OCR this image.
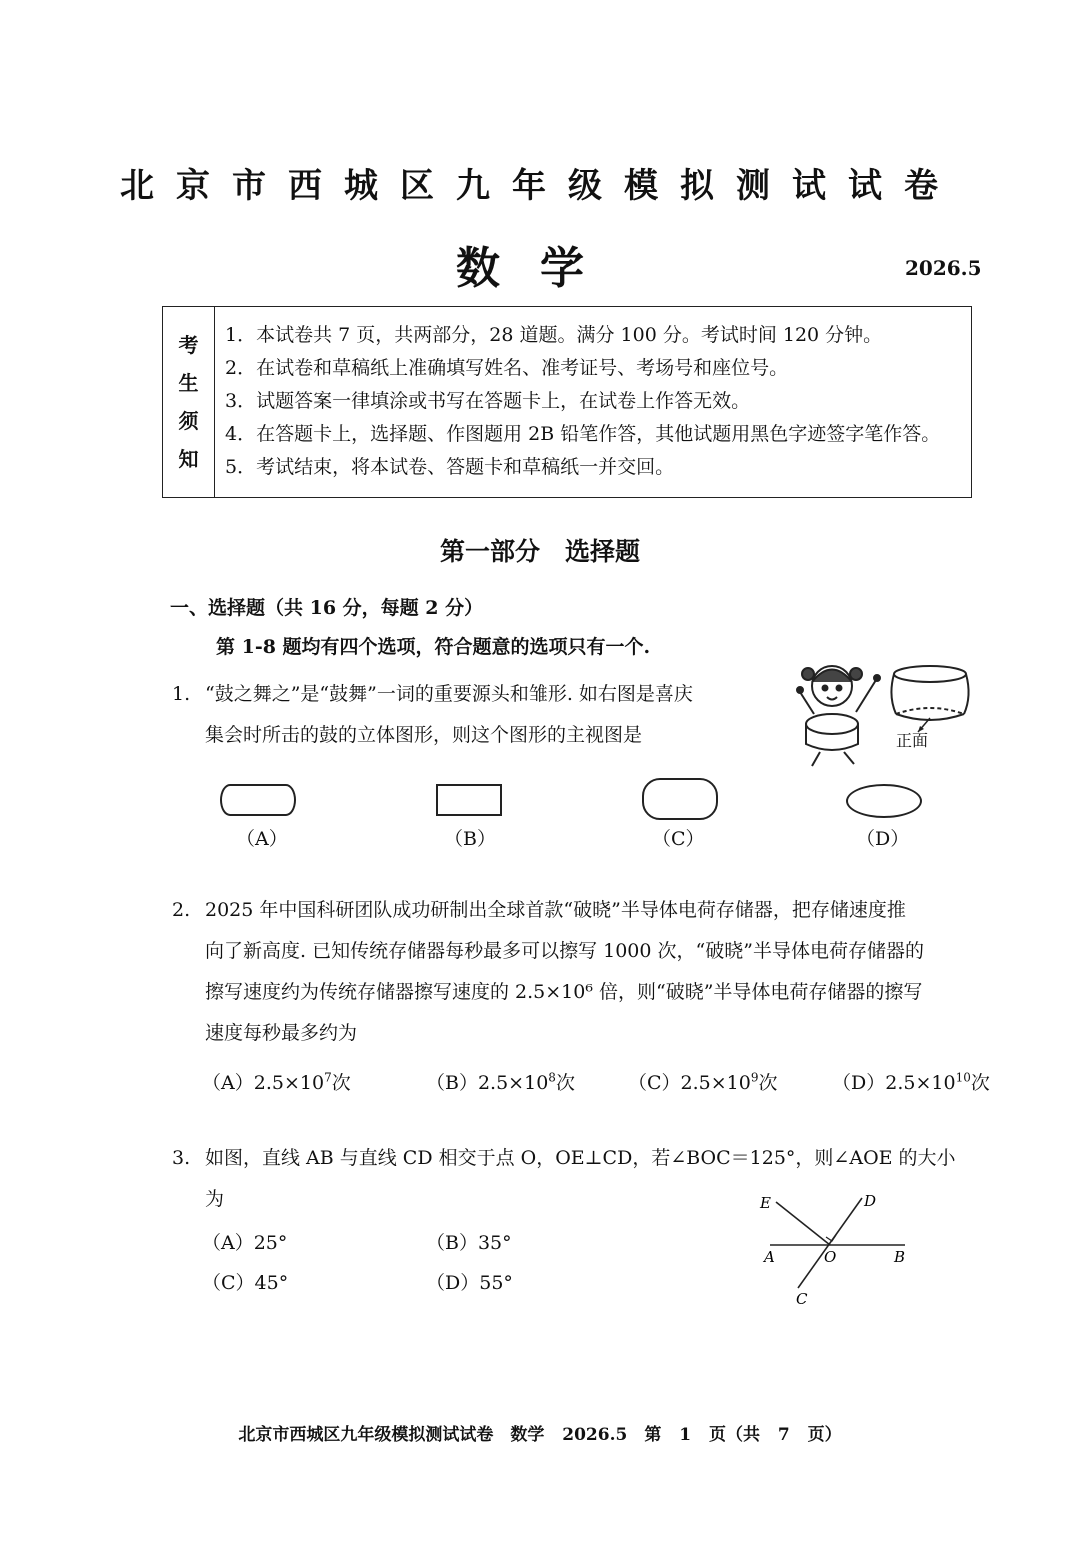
北京市西城区九年级模拟测试试卷
数学	2026.5
考
生
须
知
1．本试卷共 7 页，共两部分，28 道题。满分 100 分。考试时间 120 分钟。
2．在试卷和草稿纸上准确填写姓名、准考证号、考场号和座位号。
3．试题答案一律填涂或书写在答题卡上，在试卷上作答无效。
4．在答题卡上，选择题、作图题用 2B 铅笔作答，其他试题用黑色字迹签字笔作答。
5．考试结束，将本试卷、答题卡和草稿纸一并交回。
第一部分　选择题
一、选择题（共 16 分，每题 2 分）
第 1-8 题均有四个选项，符合题意的选项只有一个.
1. “鼓之舞之”是“鼓舞”一词的重要源头和雏形. 如右图是喜庆
集会时所击的鼓的立体图形，则这个图形的主视图是	正面
（A）	（B）	（C）	（D）
2. 2025 年中国科研团队成功研制出全球首款“破晓”半导体电荷存储器，把存储速度推
向了新高度. 已知传统存储器每秒最多可以擦写 1000 次，“破晓”半导体电荷存储器的
擦写速度约为传统存储器擦写速度的 2.5×10⁶ 倍，则“破晓”半导体电荷存储器的擦写
速度每秒最多约为
$(A)2.5\times 10^7$次	$(B)2.5\times 10^8$次	$(C)2.5\times 10^9$次	$(D)2.5\times 10^{10}$次
3. 如图，直线 AB 与直线 CD 相交于点 O，OE⊥CD，若∠BOC＝125°，则∠AOE 的大小
为
（A）25°	（B）35°
（C）45°	（D）55°
A	B
C
D
E
O
北京市西城区九年级模拟测试试卷　数学 2026.5　第 1 页（共 7 页）
